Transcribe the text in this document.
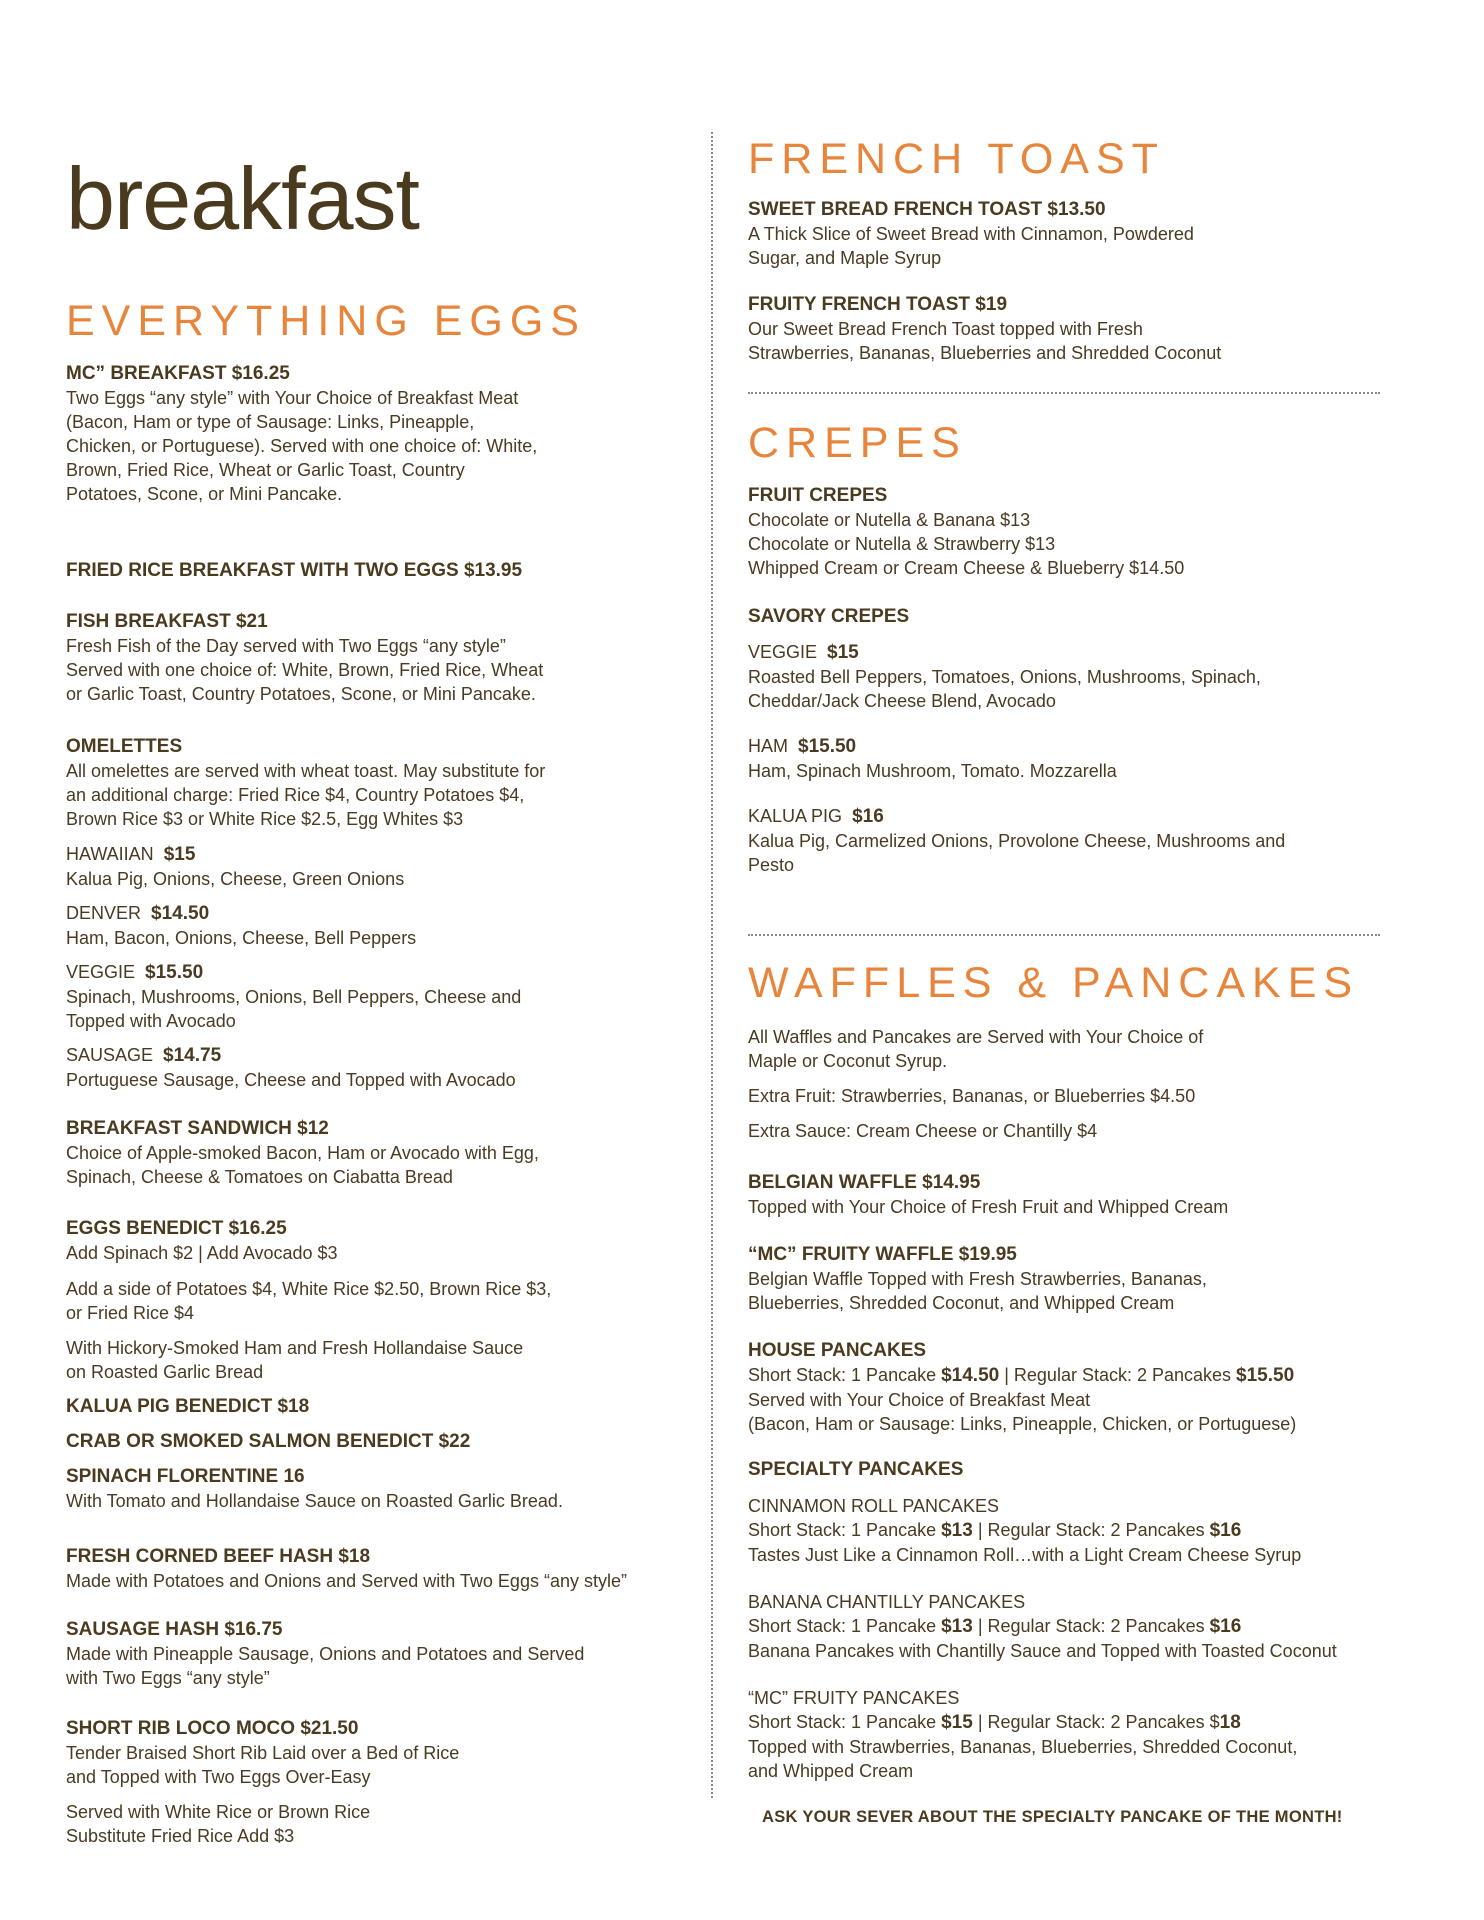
breakfast
EVERYTHING EGGS
MC” BREAKFAST $16.25
Two Eggs “any style” with Your Choice of Breakfast Meat
(Bacon, Ham or type of Sausage: Links, Pineapple,
Chicken, or Portuguese). Served with one choice of: White,
Brown, Fried Rice, Wheat or Garlic Toast, Country
Potatoes, Scone, or Mini Pancake.
FRIED RICE BREAKFAST WITH TWO EGGS $13.95
FISH BREAKFAST $21
Fresh Fish of the Day served with Two Eggs “any style”
Served with one choice of: White, Brown, Fried Rice, Wheat
or Garlic Toast, Country Potatoes, Scone, or Mini Pancake.
OMELETTES
All omelettes are served with wheat toast. May substitute for
an additional charge: Fried Rice $4, Country Potatoes $4,
Brown Rice $3 or White Rice $2.5, Egg Whites $3
HAWAIIAN $15
Kalua Pig, Onions, Cheese, Green Onions
DENVER $14.50
Ham, Bacon, Onions, Cheese, Bell Peppers
VEGGIE $15.50
Spinach, Mushrooms, Onions, Bell Peppers, Cheese and
Topped with Avocado
SAUSAGE $14.75
Portuguese Sausage, Cheese and Topped with Avocado
BREAKFAST SANDWICH $12
Choice of Apple-smoked Bacon, Ham or Avocado with Egg,
Spinach, Cheese & Tomatoes on Ciabatta Bread
EGGS BENEDICT $16.25
Add Spinach $2 | Add Avocado $3
Add a side of Potatoes $4, White Rice $2.50, Brown Rice $3,
or Fried Rice $4
With Hickory-Smoked Ham and Fresh Hollandaise Sauce
on Roasted Garlic Bread
KALUA PIG BENEDICT $18
CRAB OR SMOKED SALMON BENEDICT $22
SPINACH FLORENTINE 16
With Tomato and Hollandaise Sauce on Roasted Garlic Bread.
FRESH CORNED BEEF HASH $18
Made with Potatoes and Onions and Served with Two Eggs “any style”
SAUSAGE HASH $16.75
Made with Pineapple Sausage, Onions and Potatoes and Served
with Two Eggs “any style”
SHORT RIB LOCO MOCO $21.50
Tender Braised Short Rib Laid over a Bed of Rice
and Topped with Two Eggs Over-Easy
Served with White Rice or Brown Rice
Substitute Fried Rice Add $3
FRENCH TOAST
SWEET BREAD FRENCH TOAST $13.50
A Thick Slice of Sweet Bread with Cinnamon, Powdered
Sugar, and Maple Syrup
FRUITY FRENCH TOAST $19
Our Sweet Bread French Toast topped with Fresh
Strawberries, Bananas, Blueberries and Shredded Coconut
CREPES
FRUIT CREPES
Chocolate or Nutella & Banana $13
Chocolate or Nutella & Strawberry $13
Whipped Cream or Cream Cheese & Blueberry $14.50
SAVORY CREPES
VEGGIE $15
Roasted Bell Peppers, Tomatoes, Onions, Mushrooms, Spinach,
Cheddar/Jack Cheese Blend, Avocado
HAM $15.50
Ham, Spinach Mushroom, Tomato. Mozzarella
KALUA PIG $16
Kalua Pig, Carmelized Onions, Provolone Cheese, Mushrooms and
Pesto
WAFFLES & PANCAKES
All Waffles and Pancakes are Served with Your Choice of
Maple or Coconut Syrup.
Extra Fruit: Strawberries, Bananas, or Blueberries $4.50
Extra Sauce: Cream Cheese or Chantilly $4
BELGIAN WAFFLE $14.95
Topped with Your Choice of Fresh Fruit and Whipped Cream
“MC” FRUITY WAFFLE $19.95
Belgian Waffle Topped with Fresh Strawberries, Bananas,
Blueberries, Shredded Coconut, and Whipped Cream
HOUSE PANCAKES
Short Stack: 1 Pancake $14.50 | Regular Stack: 2 Pancakes $15.50
Served with Your Choice of Breakfast Meat
(Bacon, Ham or Sausage: Links, Pineapple, Chicken, or Portuguese)
SPECIALTY PANCAKES
CINNAMON ROLL PANCAKES
Short Stack: 1 Pancake $13 | Regular Stack: 2 Pancakes $16
Tastes Just Like a Cinnamon Roll…with a Light Cream Cheese Syrup
BANANA CHANTILLY PANCAKES
Short Stack: 1 Pancake $13 | Regular Stack: 2 Pancakes $16
Banana Pancakes with Chantilly Sauce and Topped with Toasted Coconut
“MC” FRUITY PANCAKES
Short Stack: 1 Pancake $15 | Regular Stack: 2 Pancakes $18
Topped with Strawberries, Bananas, Blueberries, Shredded Coconut,
and Whipped Cream
ASK YOUR SEVER ABOUT THE SPECIALTY PANCAKE OF THE MONTH!
